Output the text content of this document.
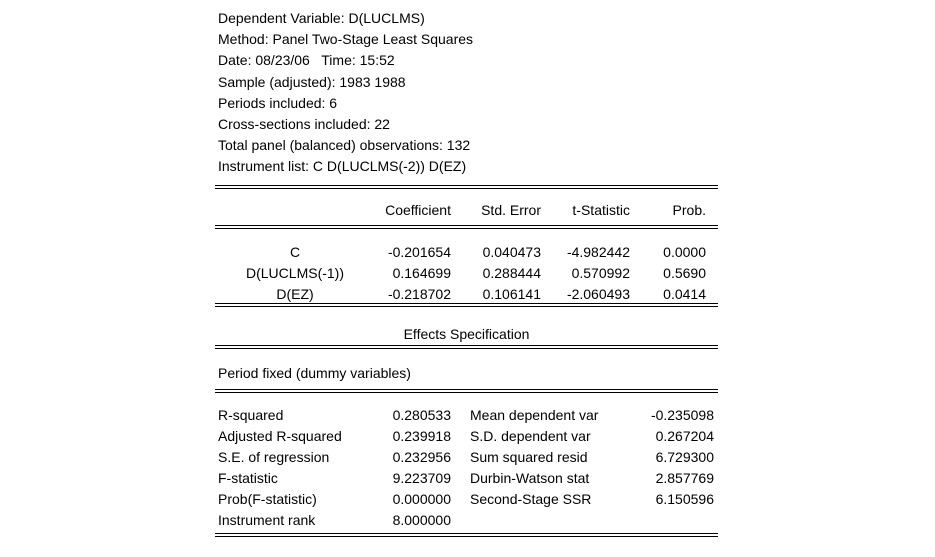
Dependent Variable: D(LUCLMS)
Method: Panel Two-Stage Least Squares
Date: 08/23/06   Time: 15:52
Sample (adjusted): 1983 1988
Periods included: 6
Cross-sections included: 22
Total panel (balanced) observations: 132
Instrument list: C D(LUCLMS(-2)) D(EZ)
Coefficient	Std. Error	t-Statistic	Prob.
C	-0.201654	0.040473	-4.982442	0.0000
D(LUCLMS(-1))	0.164699	0.288444	0.570992	0.5690
D(EZ)	-0.218702	0.106141	-2.060493	0.0414
Effects Specification
Period fixed (dummy variables)
R-squared	0.280533 Mean dependent var	-0.235098
Adjusted R-squared	0.239918 S.D. dependent var	0.267204
S.E. of regression	0.232956 Sum squared resid	6.729300
F-statistic	9.223709 Durbin-Watson stat	2.857769
Prob(F-statistic)	0.000000 Second-Stage SSR	6.150596
Instrument rank	8.000000
